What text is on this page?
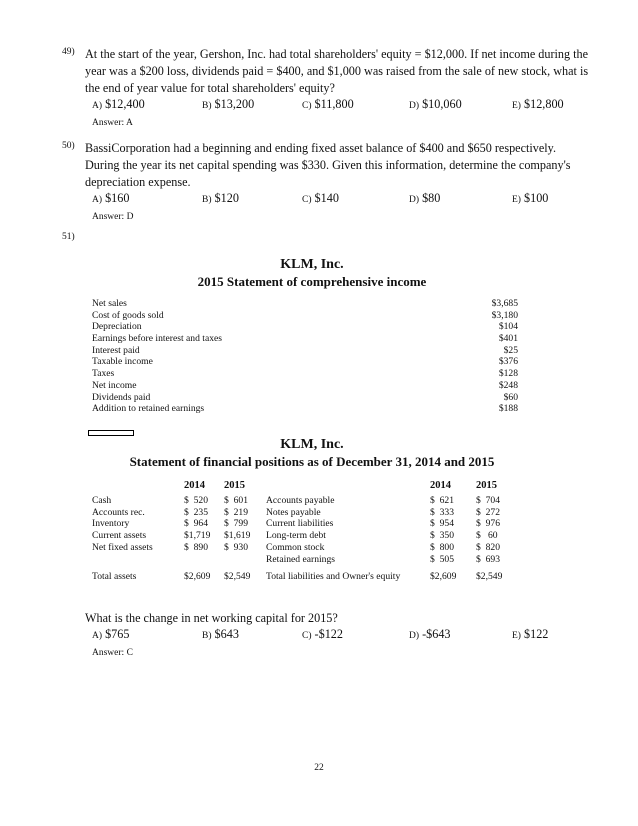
49) At the start of the year, Gershon, Inc. had total shareholders' equity = $12,000. If net income during the year was a $200 loss, dividends paid = $400, and $1,000 was raised from the sale of new stock, what is the end of year value for total shareholders' equity?
A) $12,400	B) $13,200	C) $11,800	D) $10,060	E) $12,800
Answer: A
50) BassiCorporation had a beginning and ending fixed asset balance of $400 and $650 respectively. During the year its net capital spending was $330. Given this information, determine the company's depreciation expense.
A) $160	B) $120	C) $140	D) $80	E) $100
Answer: D
51)
KLM, Inc.
2015 Statement of comprehensive income
Net sales	$3,685
Cost of goods sold	$3,180
Depreciation	$104
Earnings before interest and taxes	$401
Interest paid	$25
Taxable income	$376
Taxes	$128
Net income	$248
Dividends paid	$60
Addition to retained earnings	$188
KLM, Inc.
Statement of financial positions as of December 31, 2014 and 2015
2014 2015	2014 2015
Cash	$  520 $  601 Accounts payable	$  621 $  704
Accounts rec.	$  235 $  219 Notes payable	$  333 $  272
Inventory	$  964 $  799 Current liabilities	$  954 $  976
Current assets	$1,719 $1,619 Long-term debt	$  350 $   60
Net fixed assets	$  890 $  930 Common stock	$  800 $  820
Retained earnings	$  505 $  693
Total assets	$2,609 $2,549 Total liabilities and Owner's equity	$2,609 $2,549
What is the change in net working capital for 2015?
A) $765	B) $643	C) -$122	D) -$643	E) $122
Answer: C
22
